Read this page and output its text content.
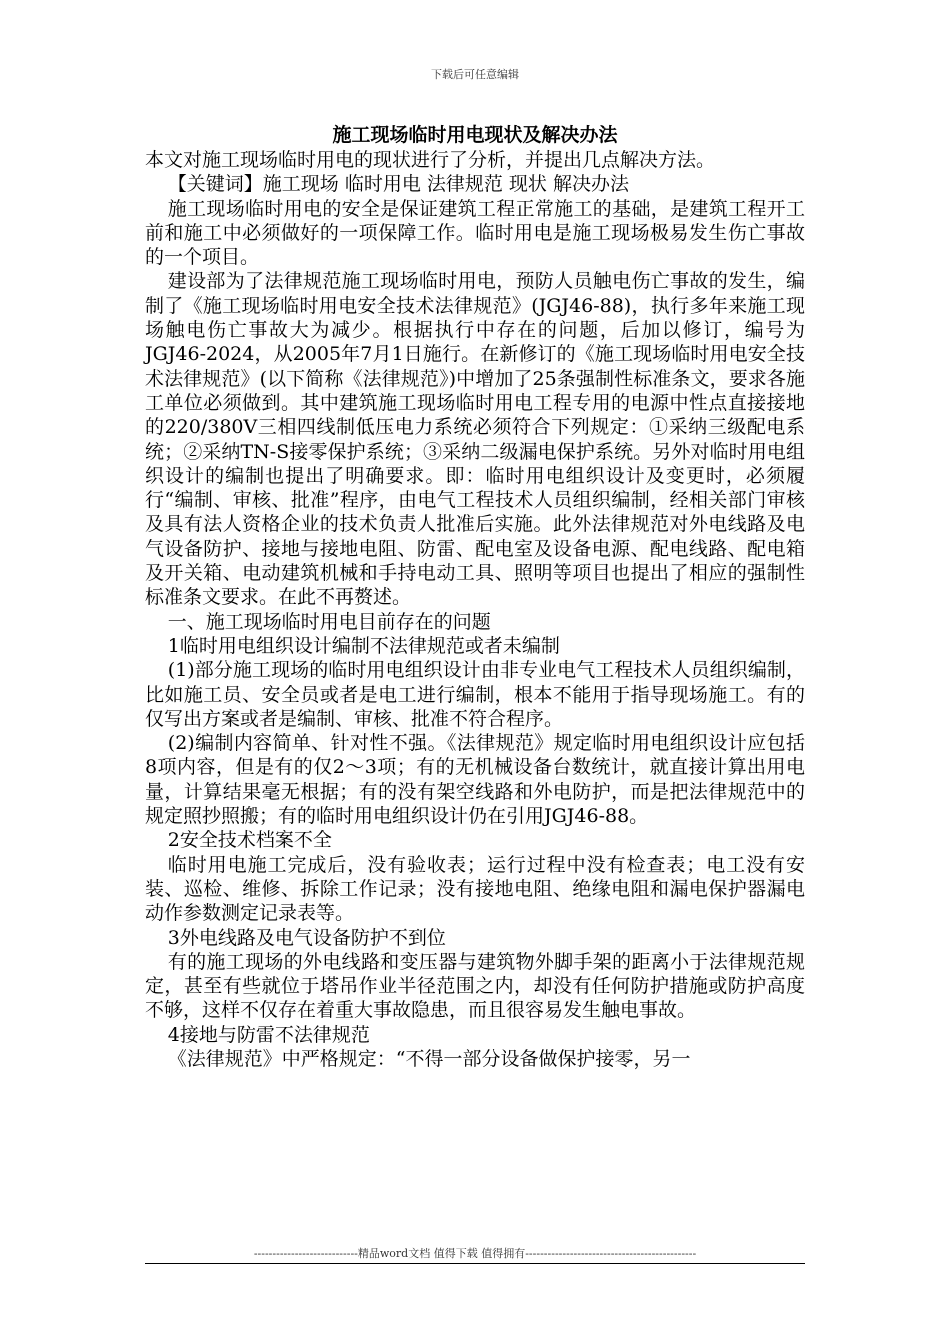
下载后可任意编辑
施工现场临时用电现状及解决办法

本文对施工现场临时用电的现状进行了分析，并提出几点解决方法。

【关键词】施工现场 临时用电 法律规范 现状 解决办法

施工现场临时用电的安全是保证建筑工程正常施工的基础，是建筑工程开工前和施工中必须做好的一项保障工作。临时用电是施工现场极易发生伤亡事故的一个项目。

建设部为了法律规范施工现场临时用电，预防人员触电伤亡事故的发生，编制了《施工现场临时用电安全技术法律规范》(JGJ46-88)，执行多年来施工现场触电伤亡事故大为减少。根据执行中存在的问题，后加以修订，编号为JGJ46-2024，从2005年7月1日施行。在新修订的《施工现场临时用电安全技术法律规范》(以下简称《法律规范》)中增加了25条强制性标准条文，要求各施工单位必须做到。其中建筑施工现场临时用电工程专用的电源中性点直接接地的220/380V三相四线制低压电力系统必须符合下列规定：①采纳三级配电系统；②采纳TN-S接零保护系统；③采纳二级漏电保护系统。另外对临时用电组织设计的编制也提出了明确要求。即：临时用电组织设计及变更时，必须履行“编制、审核、批准”程序，由电气工程技术人员组织编制，经相关部门审核及具有法人资格企业的技术负责人批准后实施。此外法律规范对外电线路及电气设备防护、接地与接地电阻、防雷、配电室及设备电源、配电线路、配电箱及开关箱、电动建筑机械和手持电动工具、照明等项目也提出了相应的强制性标准条文要求。在此不再赘述。

一、施工现场临时用电目前存在的问题

1临时用电组织设计编制不法律规范或者未编制

(1)部分施工现场的临时用电组织设计由非专业电气工程技术人员组织编制，比如施工员、安全员或者是电工进行编制，根本不能用于指导现场施工。有的仅写出方案或者是编制、审核、批准不符合程序。

(2)编制内容简单、针对性不强。《法律规范》规定临时用电组织设计应包括8项内容，但是有的仅2～3项；有的无机械设备台数统计，就直接计算出用电量，计算结果毫无根据；有的没有架空线路和外电防护，而是把法律规范中的规定照抄照搬；有的临时用电组织设计仍在引用JGJ46-88。

2安全技术档案不全

临时用电施工完成后，没有验收表；运行过程中没有检查表；电工没有安装、巡检、维修、拆除工作记录；没有接地电阻、绝缘电阻和漏电保护器漏电动作参数测定记录表等。

3外电线路及电气设备防护不到位

有的施工现场的外电线路和变压器与建筑物外脚手架的距离小于法律规范规定，甚至有些就位于塔吊作业半径范围之内，却没有任何防护措施或防护高度不够，这样不仅存在着重大事故隐患，而且很容易发生触电事故。

4接地与防雷不法律规范

《法律规范》中严格规定：“不得一部分设备做保护接零，另一

----------------------------精品word文档 值得下载 值得拥有----------------------------------------------
